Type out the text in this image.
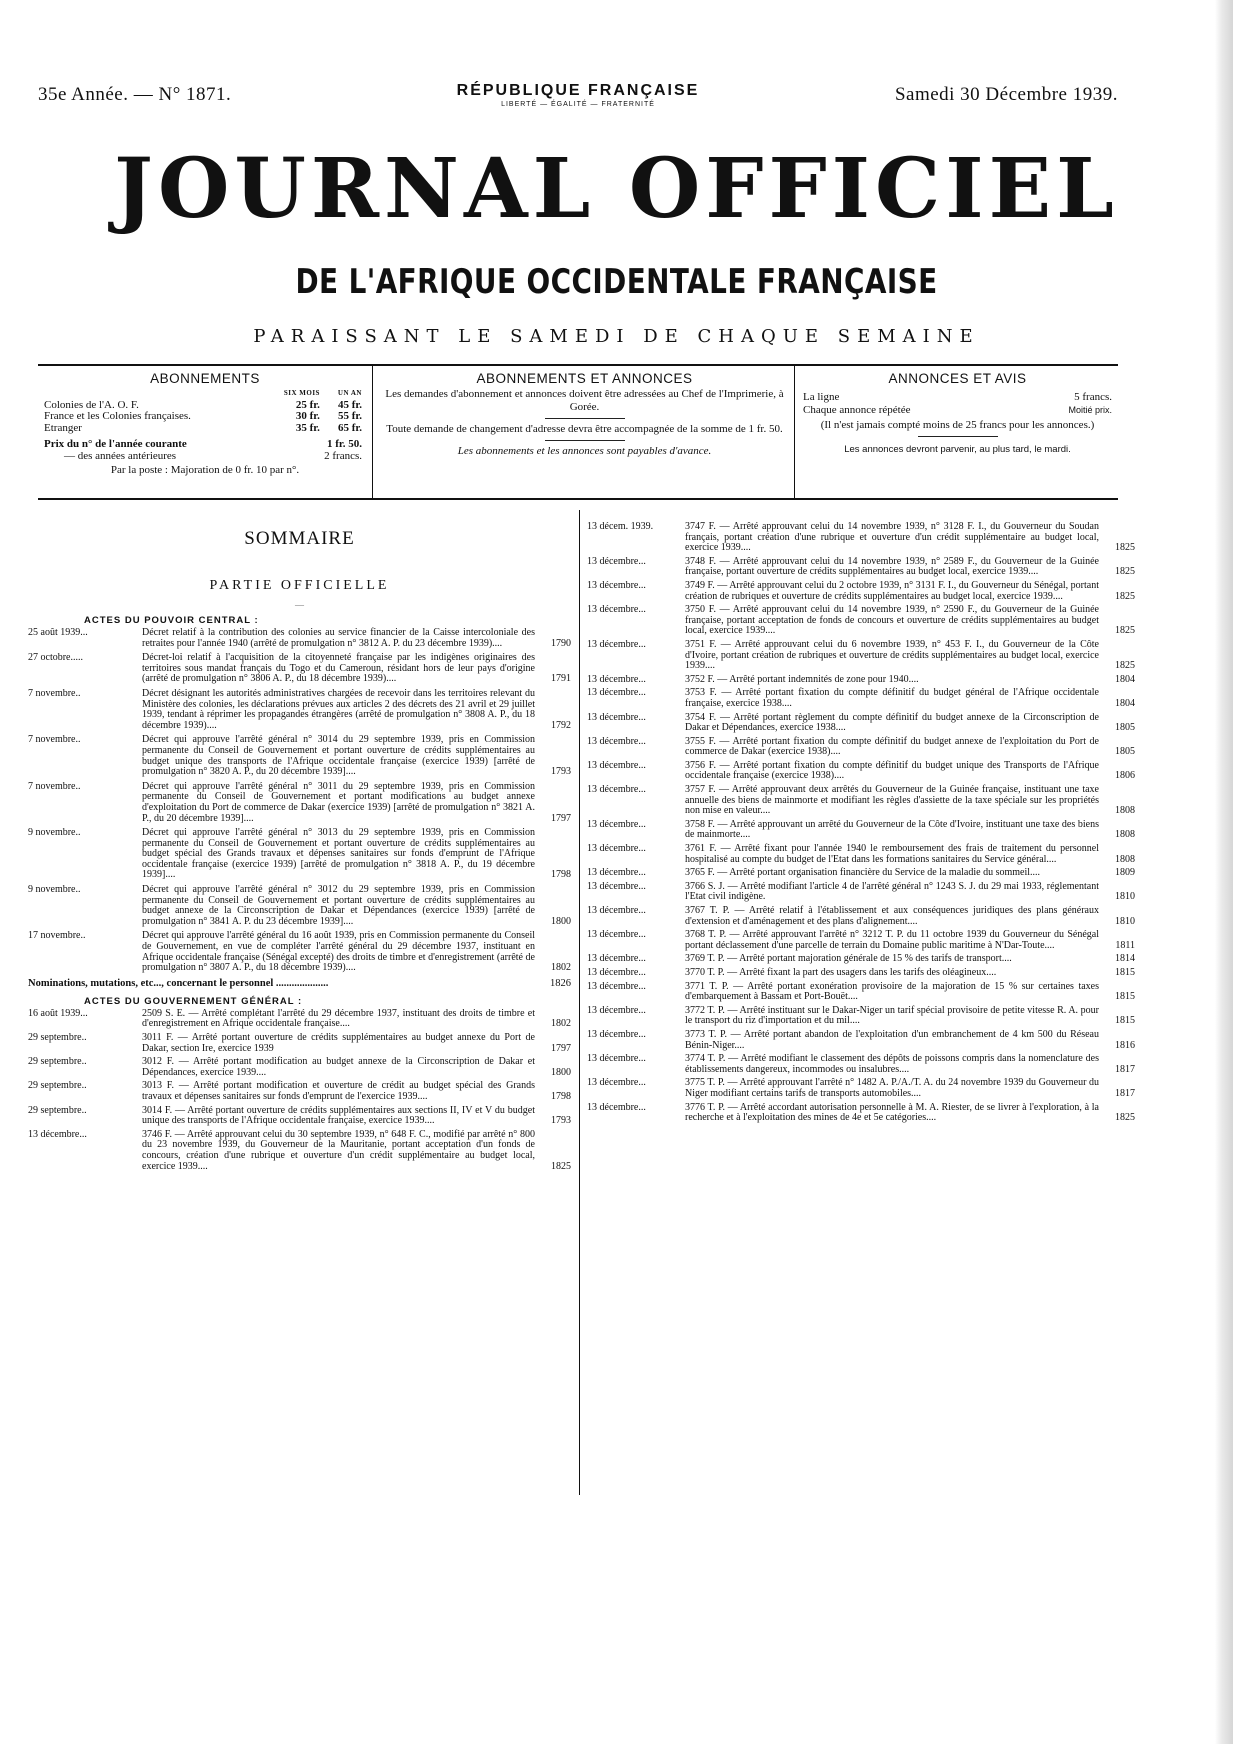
35e Année. — N° 1871.	RÉPUBLIQUE FRANÇAISE
LIBERTÉ — ÉGALITÉ — FRATERNITÉ	Samedi 30 Décembre 1939.
JOURNAL OFFICIEL
DE L'AFRIQUE OCCIDENTALE FRANÇAISE
PARAISSANT LE SAMEDI DE CHAQUE SEMAINE
ABONNEMENTS
	SIX MOIS	UN AN
Colonies de l'A. O. F.	25 fr.	45 fr.
France et les Colonies françaises.	30 fr.	55 fr.
Etranger	35 fr.	65 fr.
Prix du n° de l'année courante	1 fr. 50.	
— des années antérieures	2 francs.	
Par la poste : Majoration de 0 fr. 10 par n°.
ABONNEMENTS ET ANNONCES

Les demandes d'abonnement et annonces doivent être adressées au Chef de l'Imprimerie, à Gorée.

Toute demande de changement d'adresse devra être accompagnée de la somme de 1 fr. 50.

Les abonnements et les annonces sont payables d'avance.

ANNONCES ET AVIS
La ligne	5 francs.
Chaque annonce répétée	Moitié prix.

(Il n'est jamais compté moins de 25 francs pour les annonces.)

Les annonces devront parvenir, au plus tard, le mardi.

SOMMAIRE
PARTIE OFFICIELLE
—
ACTES DU POUVOIR CENTRAL :
25 août 1939...	Décret relatif à la contribution des colonies au service financier de la Caisse intercoloniale des retraites pour l'année 1940 (arrêté de promulgation n° 3812 A. P. du 23 décembre 1939)....	1790
27 octobre.....	Décret-loi relatif à l'acquisition de la citoyenneté française par les indigènes originaires des territoires sous mandat français du Togo et du Cameroun, résidant hors de leur pays d'origine (arrêté de promulgation n° 3806 A. P., du 18 décembre 1939)....	1791
7 novembre..	Décret désignant les autorités administratives chargées de recevoir dans les territoires relevant du Ministère des colonies, les déclarations prévues aux articles 2 des décrets des 21 avril et 29 juillet 1939, tendant à réprimer les propagandes étrangères (arrêté de promulgation n° 3808 A. P., du 18 décembre 1939)....	1792
7 novembre..	Décret qui approuve l'arrêté général n° 3014 du 29 septembre 1939, pris en Commission permanente du Conseil de Gouvernement et portant ouverture de crédits supplémentaires au budget unique des transports de l'Afrique occidentale française (exercice 1939) [arrêté de promulgation n° 3820 A. P., du 20 décembre 1939]....	1793
7 novembre..	Décret qui approuve l'arrêté général n° 3011 du 29 septembre 1939, pris en Commission permanente du Conseil de Gouvernement et portant modifications au budget annexe d'exploitation du Port de commerce de Dakar (exercice 1939) [arrêté de promulgation n° 3821 A. P., du 20 décembre 1939]....	1797
9 novembre..	Décret qui approuve l'arrêté général n° 3013 du 29 septembre 1939, pris en Commission permanente du Conseil de Gouvernement et portant ouverture de crédits supplémentaires au budget spécial des Grands travaux et dépenses sanitaires sur fonds d'emprunt de l'Afrique occidentale française (exercice 1939) [arrêté de promulgation n° 3818 A. P., du 19 décembre 1939]....	1798
9 novembre..	Décret qui approuve l'arrêté général n° 3012 du 29 septembre 1939, pris en Commission permanente du Conseil de Gouvernement et portant ouverture de crédits supplémentaires au budget annexe de la Circonscription de Dakar et Dépendances (exercice 1939) [arrêté de promulgation n° 3841 A. P. du 23 décembre 1939]....	1800
17 novembre..	Décret qui approuve l'arrêté général du 16 août 1939, pris en Commission permanente du Conseil de Gouvernement, en vue de compléter l'arrêté général du 29 décembre 1937, instituant en Afrique occidentale française (Sénégal excepté) des droits de timbre et d'enregistrement (arrêté de promulgation n° 3807 A. P., du 18 décembre 1939)....	1802
Nominations, mutations, etc..., concernant le personnel ....................	1826
ACTES DU GOUVERNEMENT GÉNÉRAL :
16 août 1939...	2509 S. E. — Arrêté complétant l'arrêté du 29 décembre 1937, instituant des droits de timbre et d'enregistrement en Afrique occidentale française....	1802
29 septembre..	3011 F. — Arrêté portant ouverture de crédits supplémentaires au budget annexe du Port de Dakar, section Ire, exercice 1939	1797
29 septembre..	3012 F. — Arrêté portant modification au budget annexe de la Circonscription de Dakar et Dépendances, exercice 1939....	1800
29 septembre..	3013 F. — Arrêté portant modification et ouverture de crédit au budget spécial des Grands travaux et dépenses sanitaires sur fonds d'emprunt de l'exercice 1939....	1798
29 septembre..	3014 F. — Arrêté portant ouverture de crédits supplémentaires aux sections II, IV et V du budget unique des transports de l'Afrique occidentale française, exercice 1939....	1793
13 décembre...	3746 F. — Arrêté approuvant celui du 30 septembre 1939, n° 648 F. C., modifié par arrêté n° 800 du 23 novembre 1939, du Gouverneur de la Mauritanie, portant acceptation d'un fonds de concours, création d'une rubrique et ouverture d'un crédit supplémentaire au budget local, exercice 1939....	1825
13 décem. 1939.	3747 F. — Arrêté approuvant celui du 14 novembre 1939, n° 3128 F. I., du Gouverneur du Soudan français, portant création d'une rubrique et ouverture d'un crédit supplémentaire au budget local, exercice 1939....	1825
13 décembre...	3748 F. — Arrêté approuvant celui du 14 novembre 1939, n° 2589 F., du Gouverneur de la Guinée française, portant ouverture de crédits supplémentaires au budget local, exercice 1939....	1825
13 décembre...	3749 F. — Arrêté approuvant celui du 2 octobre 1939, n° 3131 F. I., du Gouverneur du Sénégal, portant création de rubriques et ouverture de crédits supplémentaires au budget local, exercice 1939....	1825
13 décembre...	3750 F. — Arrêté approuvant celui du 14 novembre 1939, n° 2590 F., du Gouverneur de la Guinée française, portant acceptation de fonds de concours et ouverture de crédits supplémentaires au budget local, exercice 1939....	1825
13 décembre...	3751 F. — Arrêté approuvant celui du 6 novembre 1939, n° 453 F. I., du Gouverneur de la Côte d'Ivoire, portant création de rubriques et ouverture de crédits supplémentaires au budget local, exercice 1939....	1825
13 décembre...	3752 F. — Arrêté portant indemnités de zone pour 1940....	1804
13 décembre...	3753 F. — Arrêté portant fixation du compte définitif du budget général de l'Afrique occidentale française, exercice 1938....	1804
13 décembre...	3754 F. — Arrêté portant règlement du compte définitif du budget annexe de la Circonscription de Dakar et Dépendances, exercice 1938....	1805
13 décembre...	3755 F. — Arrêté portant fixation du compte définitif du budget annexe de l'exploitation du Port de commerce de Dakar (exercice 1938)....	1805
13 décembre...	3756 F. — Arrêté portant fixation du compte définitif du budget unique des Transports de l'Afrique occidentale française (exercice 1938)....	1806
13 décembre...	3757 F. — Arrêté approuvant deux arrêtés du Gouverneur de la Guinée française, instituant une taxe annuelle des biens de mainmorte et modifiant les règles d'assiette de la taxe spéciale sur les propriétés non mise en valeur....	1808
13 décembre...	3758 F. — Arrêté approuvant un arrêté du Gouverneur de la Côte d'Ivoire, instituant une taxe des biens de mainmorte....	1808
13 décembre...	3761 F. — Arrêté fixant pour l'année 1940 le remboursement des frais de traitement du personnel hospitalisé au compte du budget de l'Etat dans les formations sanitaires du Service général....	1808
13 décembre...	3765 F. — Arrêté portant organisation financière du Service de la maladie du sommeil....	1809
13 décembre...	3766 S. J. — Arrêté modifiant l'article 4 de l'arrêté général n° 1243 S. J. du 29 mai 1933, réglementant l'Etat civil indigène.	1810
13 décembre...	3767 T. P. — Arrêté relatif à l'établissement et aux conséquences juridiques des plans généraux d'extension et d'aménagement et des plans d'alignement....	1810
13 décembre...	3768 T. P. — Arrêté approuvant l'arrêté n° 3212 T. P. du 11 octobre 1939 du Gouverneur du Sénégal portant déclassement d'une parcelle de terrain du Domaine public maritime à N'Dar-Toute....	1811
13 décembre...	3769 T. P. — Arrêté portant majoration générale de 15 % des tarifs de transport....	1814
13 décembre...	3770 T. P. — Arrêté fixant la part des usagers dans les tarifs des oléagineux....	1815
13 décembre...	3771 T. P. — Arrêté portant exonération provisoire de la majoration de 15 % sur certaines taxes d'embarquement à Bassam et Port-Bouët....	1815
13 décembre...	3772 T. P. — Arrêté instituant sur le Dakar-Niger un tarif spécial provisoire de petite vitesse R. A. pour le transport du riz d'importation et du mil....	1815
13 décembre...	3773 T. P. — Arrêté portant abandon de l'exploitation d'un embranchement de 4 km 500 du Réseau Bénin-Niger....	1816
13 décembre...	3774 T. P. — Arrêté modifiant le classement des dépôts de poissons compris dans la nomenclature des établissements dangereux, incommodes ou insalubres....	1817
13 décembre...	3775 T. P. — Arrêté approuvant l'arrêté n° 1482 A. P./A./T. A. du 24 novembre 1939 du Gouverneur du Niger modifiant certains tarifs de transports automobiles....	1817
13 décembre...	3776 T. P. — Arrêté accordant autorisation personnelle à M. A. Riester, de se livrer à l'exploration, à la recherche et à l'exploitation des mines de 4e et 5e catégories....	1825
